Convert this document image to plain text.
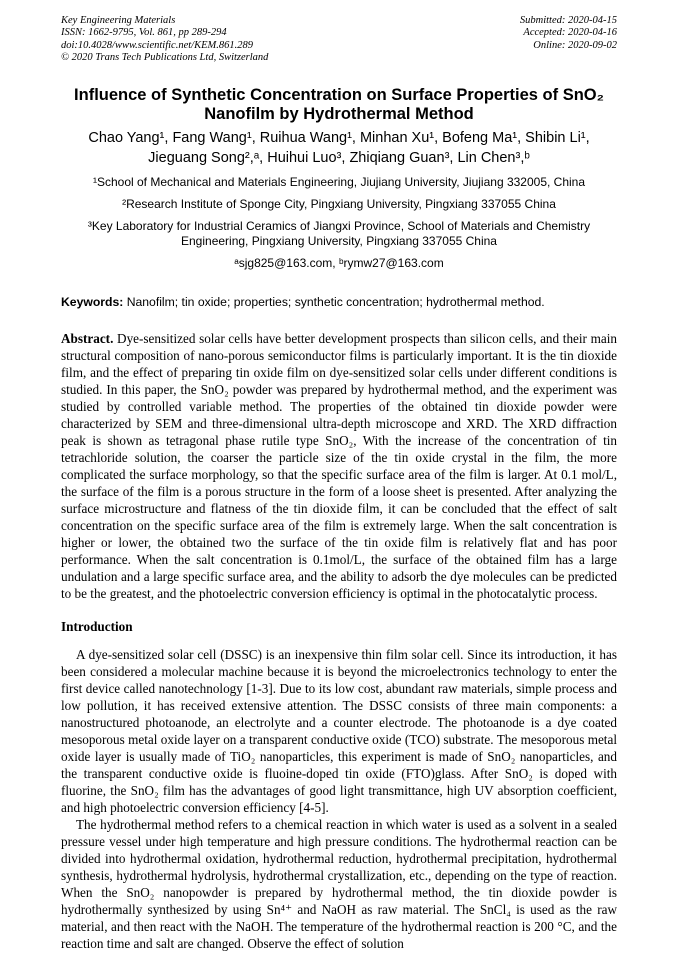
Key Engineering Materials
ISSN: 1662-9795, Vol. 861, pp 289-294
doi:10.4028/www.scientific.net/KEM.861.289
© 2020 Trans Tech Publications Ltd, Switzerland
Submitted: 2020-04-15
Accepted: 2020-04-16
Online: 2020-09-02
Influence of Synthetic Concentration on Surface Properties of SnO₂
Nanofilm by Hydrothermal Method
Chao Yang¹, Fang Wang¹, Ruihua Wang¹, Minhan Xu¹, Bofeng Ma¹, Shibin Li¹,
Jieguang Song²,ᵃ, Huihui Luo³, Zhiqiang Guan³, Lin Chen³,ᵇ
¹School of Mechanical and Materials Engineering, Jiujiang University, Jiujiang 332005, China
²Research Institute of Sponge City, Pingxiang University, Pingxiang 337055 China
³Key Laboratory for Industrial Ceramics of Jiangxi Province, School of Materials and Chemistry Engineering, Pingxiang University, Pingxiang 337055 China
ᵃsjg825@163.com, ᵇrymw27@163.com

Keywords: Nanofilm; tin oxide; properties; synthetic concentration; hydrothermal method.

Abstract. Dye-sensitized solar cells have better development prospects than silicon cells, and their main structural composition of nano-porous semiconductor films is particularly important. It is the tin dioxide film, and the effect of preparing tin oxide film on dye-sensitized solar cells under different conditions is studied. In this paper, the SnO₂ powder was prepared by hydrothermal method, and the experiment was studied by controlled variable method. The properties of the obtained tin dioxide powder were characterized by SEM and three-dimensional ultra-depth microscope and XRD. The XRD diffraction peak is shown as tetragonal phase rutile type SnO₂, With the increase of the concentration of tin tetrachloride solution, the coarser the particle size of the tin oxide crystal in the film, the more complicated the surface morphology, so that the specific surface area of the film is larger. At 0.1 mol/L, the surface of the film is a porous structure in the form of a loose sheet is presented. After analyzing the surface microstructure and flatness of the tin dioxide film, it can be concluded that the effect of salt concentration on the specific surface area of the film is extremely large. When the salt concentration is higher or lower, the obtained two the surface of the tin oxide film is relatively flat and has poor performance. When the salt concentration is 0.1mol/L, the surface of the obtained film has a large undulation and a large specific surface area, and the ability to adsorb the dye molecules can be predicted to be the greatest, and the photoelectric conversion efficiency is optimal in the photocatalytic process.

Introduction

A dye-sensitized solar cell (DSSC) is an inexpensive thin film solar cell. Since its introduction, it has been considered a molecular machine because it is beyond the microelectronics technology to enter the first device called nanotechnology [1-3]. Due to its low cost, abundant raw materials, simple process and low pollution, it has received extensive attention. The DSSC consists of three main components: a nanostructured photoanode, an electrolyte and a counter electrode. The photoanode is a dye coated mesoporous metal oxide layer on a transparent conductive oxide (TCO) substrate. The mesoporous metal oxide layer is usually made of TiO₂ nanoparticles, this experiment is made of SnO₂ nanoparticles, and the transparent conductive oxide is fluoine-doped tin oxide (FTO)glass. After SnO₂ is doped with fluorine, the SnO₂ film has the advantages of good light transmittance, high UV absorption coefficient, and high photoelectric conversion efficiency [4-5].

The hydrothermal method refers to a chemical reaction in which water is used as a solvent in a sealed pressure vessel under high temperature and high pressure conditions. The hydrothermal reaction can be divided into hydrothermal oxidation, hydrothermal reduction, hydrothermal precipitation, hydrothermal synthesis, hydrothermal hydrolysis, hydrothermal crystallization, etc., depending on the type of reaction. When the SnO₂ nanopowder is prepared by hydrothermal method, the tin dioxide powder is hydrothermally synthesized by using Sn⁴⁺ and NaOH as raw material. The SnCl₄ is used as the raw material, and then react with the NaOH. The temperature of the hydrothermal reaction is 200 °C, and the reaction time and salt are changed. Observe the effect of solution
